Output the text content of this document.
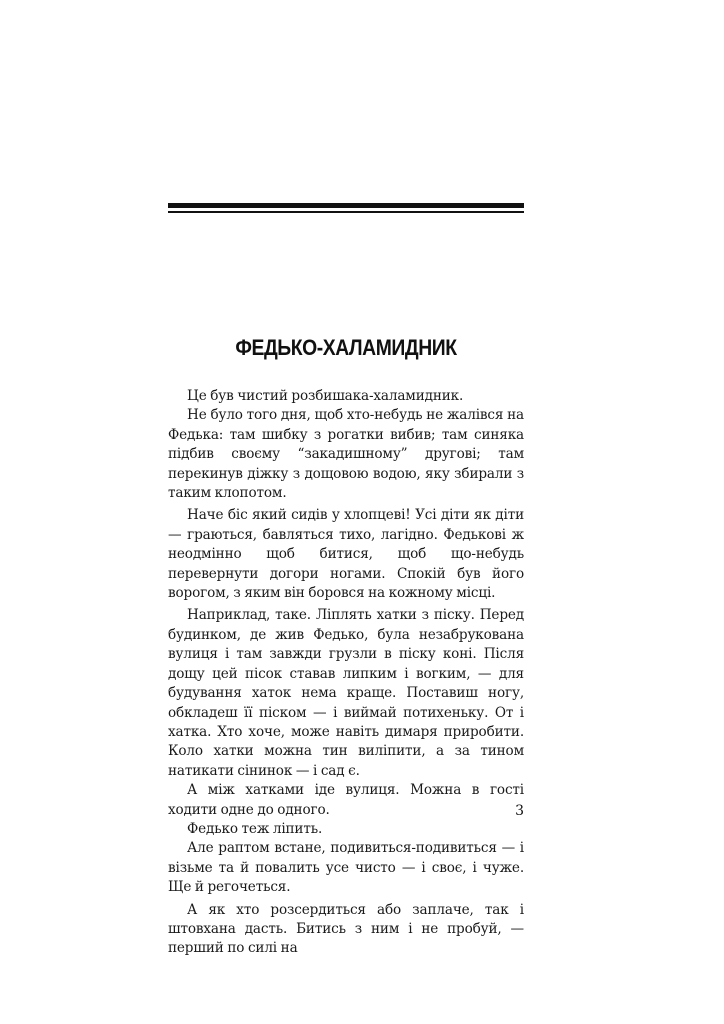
ФЕДЬКО-ХАЛАМИДНИК

Це був чистий розбишака-халамидник.

Не було того дня, щоб хто-небудь не жалівся на Федька: там шибку з рогатки вибив; там синяка підбив своєму “закадишному” другові; там перекинув діжку з дощовою водою, яку збирали з таким клопотом.

Наче біс який сидів у хлопцеві! Усі діти як діти — граються, бавляться тихо, лагідно. Федькові ж неодмінно щоб битися, щоб що-небудь перевернути догори ногами. Спокій був його ворогом, з яким він боровся на кожному місці.

Наприклад, таке. Ліплять хатки з піску. Перед будинком, де жив Федько, була незабрукована вулиця і там завжди грузли в піску коні. Після дощу цей пісок ставав липким і вогким, — для будування хаток нема краще. Поставиш ногу, обкладеш її піском — і виймай потихеньку. От і хатка. Хто хоче, може навіть димаря приробити. Коло хатки можна тин виліпити, а за тином натикати сінинок — і сад є.

А між хатками іде вулиця. Можна в гості ходити одне до одного.

Федько теж ліпить.

Але раптом встане, подивиться-подивиться — і візьме та й повалить усе чисто — і своє, і чуже. Ще й регочеться.

А як хто розсердиться або заплаче, так і штовхана дасть. Битись з ним і не пробуй, — перший по силі на

3
